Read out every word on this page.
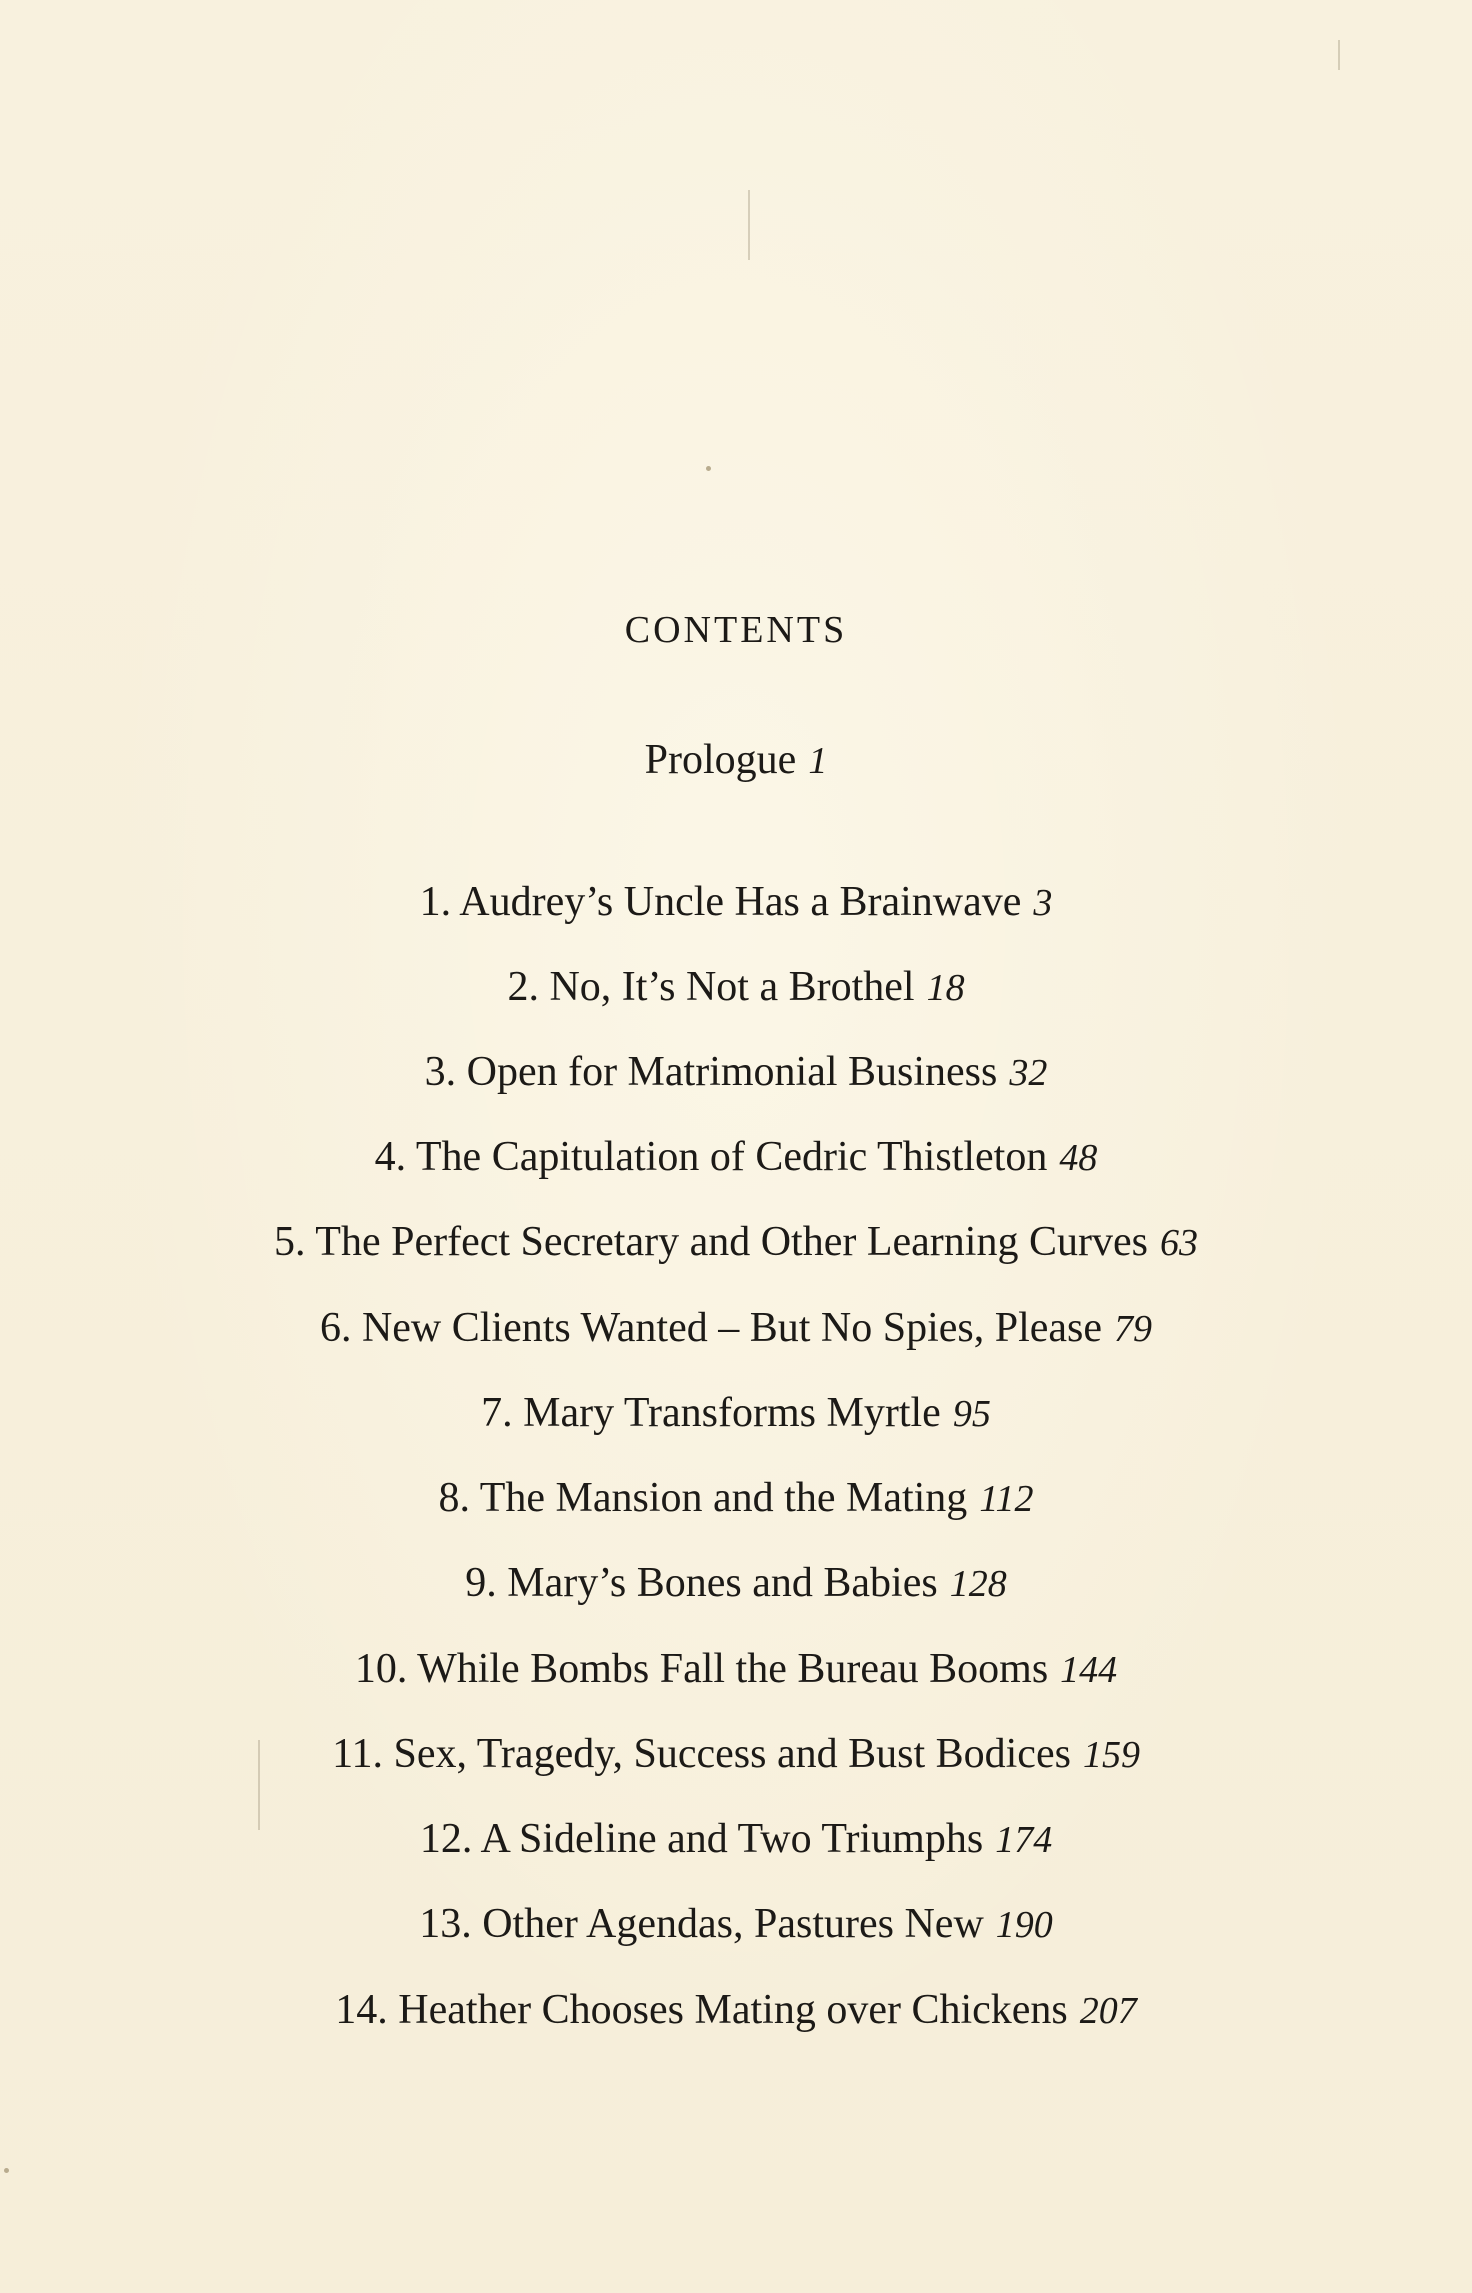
CONTENTS
Prologue 1
1. Audrey’s Uncle Has a Brainwave 3
2. No, It’s Not a Brothel 18
3. Open for Matrimonial Business 32
4. The Capitulation of Cedric Thistleton 48
5. The Perfect Secretary and Other Learning Curves 63
6. New Clients Wanted – But No Spies, Please 79
7. Mary Transforms Myrtle 95
8. The Mansion and the Mating 112
9. Mary’s Bones and Babies 128
10. While Bombs Fall the Bureau Booms 144
11. Sex, Tragedy, Success and Bust Bodices 159
12. A Sideline and Two Triumphs 174
13. Other Agendas, Pastures New 190
14. Heather Chooses Mating over Chickens 207
